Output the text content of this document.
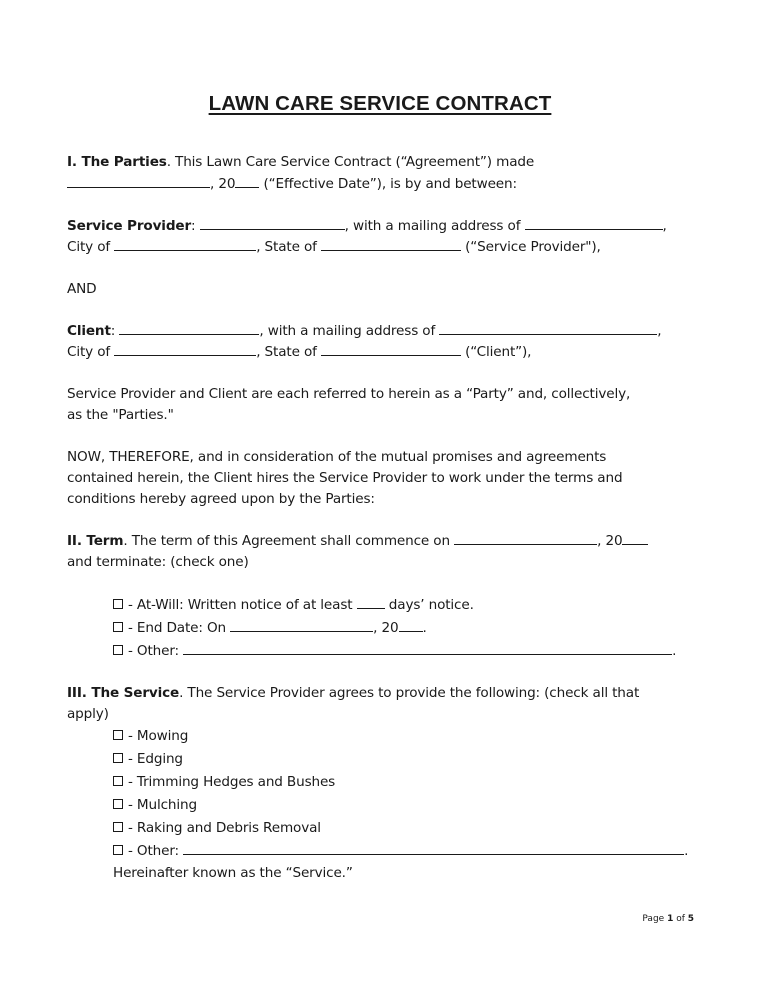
LAWN CARE SERVICE CONTRACT
I. The Parties. This Lawn Care Service Contract (“Agreement”) made
, 20 (“Effective Date”), is by and between:
Service Provider:	, with a mailing address of	,
City of	, State of	(“Service Provider"),
AND
Client:	, with a mailing address of	,
City of	, State of	(“Client”),
Service Provider and Client are each referred to herein as a “Party” and, collectively,
as the "Parties."
NOW, THEREFORE, and in consideration of the mutual promises and agreements
contained herein, the Client hires the Service Provider to work under the terms and
conditions hereby agreed upon by the Parties:
II. Term. The term of this Agreement shall commence on	, 20
and terminate: (check one)
- At-Will: Written notice of at least  days’ notice.
- End Date: On	, 20 .
- Other:	.
III. The Service. The Service Provider agrees to provide the following: (check all that
apply)
- Mowing
- Edging
- Trimming Hedges and Bushes
- Mulching
- Raking and Debris Removal
- Other:	.
Hereinafter known as the “Service.”
Page 1 of 5
